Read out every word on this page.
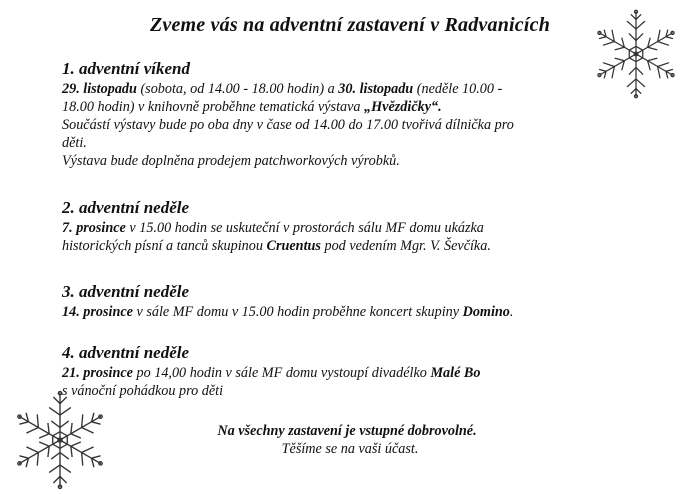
Zveme vás na adventní zastavení v Radvanicích
1. adventní víkend
29. listopadu (sobota, od 14.00 - 18.00 hodin) a 30. listopadu (neděle 10.00 -
18.00 hodin) v knihovně proběhne tematická výstava „Hvězdičky“.
Součástí výstavy bude po oba dny v čase od 14.00 do 17.00 tvořivá dílnička pro
děti.
Výstava bude doplněna prodejem patchworkových výrobků.
2. adventní neděle
7. prosince v 15.00 hodin se uskuteční v prostorách sálu MF domu ukázka
historických písní a tanců skupinou Cruentus pod vedením Mgr. V. Ševčíka.
3. adventní neděle
14. prosince v sále MF domu v 15.00 hodin proběhne koncert skupiny Domino.
4. adventní neděle
21. prosince po 14,00 hodin v sále MF domu vystoupí divadélko Malé Bo
s vánoční pohádkou pro děti
Na všechny zastavení je vstupné dobrovolné.
Těšíme se na vaši účast.
